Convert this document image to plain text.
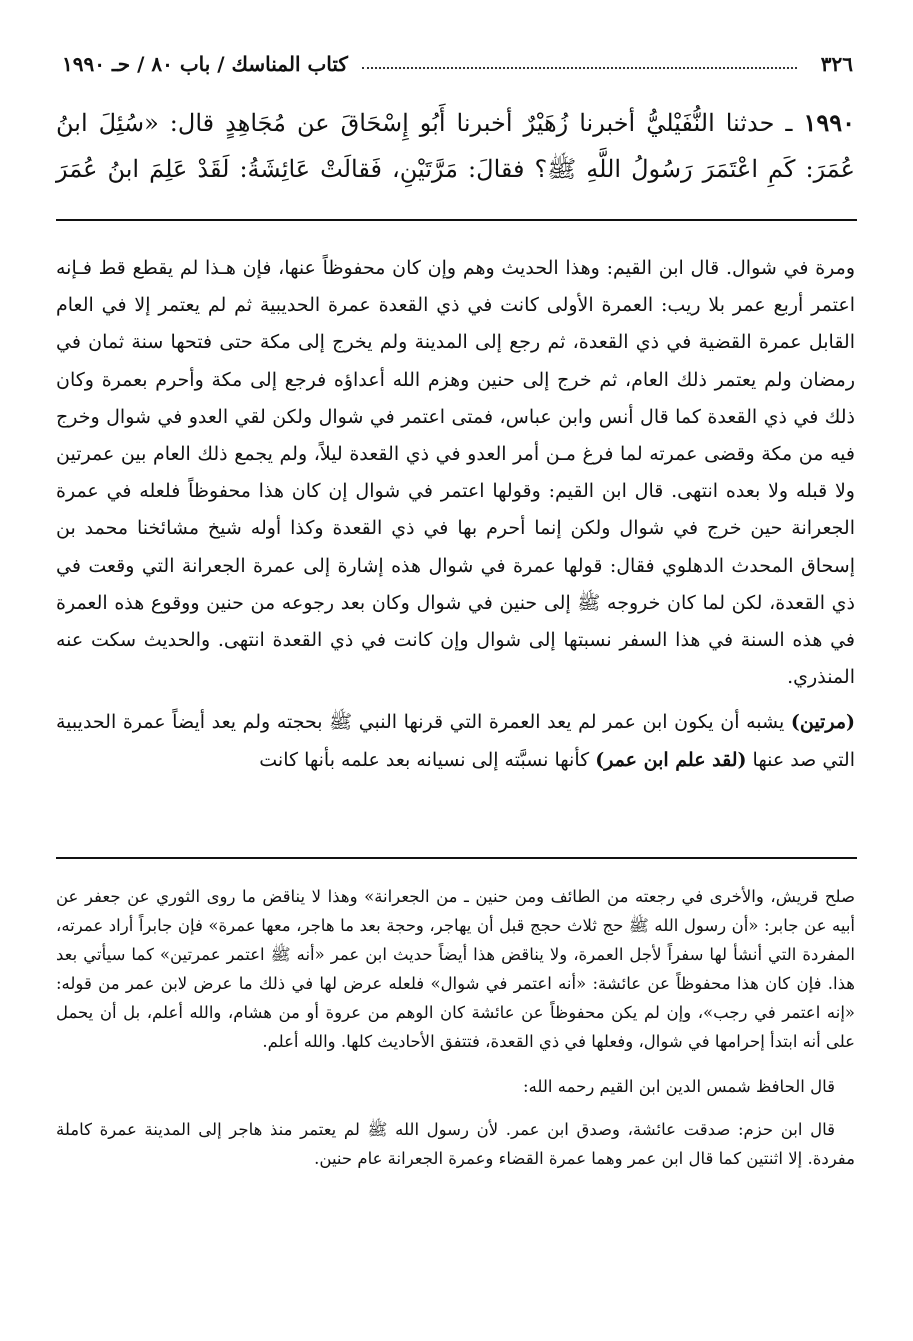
٣٢٦
كتاب المناسك / باب ٨٠ / حـ ١٩٩٠
١٩٩٠ ـ حدثنا النُّفَيْليُّ أخبرنا زُهَيْرٌ أخبرنا أَبُو إِسْحَاقَ عن مُجَاهِدٍ قال: «سُئِلَ ابنُ عُمَرَ: كَمِ اعْتَمَرَ رَسُولُ اللَّهِ ﷺ؟ فقالَ: مَرَّتَيْنِ، فَقالَتْ عَائِشَةُ: لَقَدْ عَلِمَ ابنُ عُمَرَ

ومرة في شوال. قال ابن القيم: وهذا الحديث وهم وإن كان محفوظاً عنها، فإن هـذا لم يقطع قط فـإنه اعتمر أربع عمر بلا ريب: العمرة الأولى كانت في ذي القعدة عمرة الحديبية ثم لم يعتمر إلا في العام القابل عمرة القضية في ذي القعدة، ثم رجع إلى المدينة ولم يخرج إلى مكة حتى فتحها سنة ثمان في رمضان ولم يعتمر ذلك العام، ثم خرج إلى حنين وهزم الله أعداؤه فرجع إلى مكة وأحرم بعمرة وكان ذلك في ذي القعدة كما قال أنس وابن عباس، فمتى اعتمر في شوال ولكن لقي العدو في شوال وخرج فيه من مكة وقضى عمرته لما فرغ مـن أمر العدو في ذي القعدة ليلاً، ولم يجمع ذلك العام بين عمرتين ولا قبله ولا بعده انتهى. قال ابن القيم: وقولها اعتمر في شوال إن كان هذا محفوظاً فلعله في عمرة الجعرانة حين خرج في شوال ولكن إنما أحرم بها في ذي القعدة وكذا أوله شيخ مشائخنا محمد بن إسحاق المحدث الدهلوي فقال: قولها عمرة في شوال هذه إشارة إلى عمرة الجعرانة التي وقعت في ذي القعدة، لكن لما كان خروجه ﷺ إلى حنين في شوال وكان بعد رجوعه من حنين ووقوع هذه العمرة في هذه السنة في هذا السفر نسبتها إلى شوال وإن كانت في ذي القعدة انتهى. والحديث سكت عنه المنذري.

(مرتين) يشبه أن يكون ابن عمر لم يعد العمرة التي قرنها النبي ﷺ بحجته ولم يعد أيضاً عمرة الحديبية التي صد عنها (لقد علم ابن عمر) كأنها نسبَّته إلى نسيانه بعد علمه بأنها كانت

صلح قريش، والأخرى في رجعته من الطائف ومن حنين ـ من الجعرانة» وهذا لا يناقض ما روى الثوري عن جعفر عن أبيه عن جابر: «أن رسول الله ﷺ حج ثلاث حجج قبل أن يهاجر، وحجة بعد ما هاجر، معها عمرة» فإن جابراً أراد عمرته، المفردة التي أنشأ لها سفراً لأجل العمرة، ولا يناقض هذا أيضاً حديث ابن عمر «أنه ﷺ اعتمر عمرتين» كما سيأتي بعد هذا. فإن كان هذا محفوظاً عن عائشة: «أنه اعتمر في شوال» فلعله عرض لها في ذلك ما عرض لابن عمر من قوله: «إنه اعتمر في رجب»، وإن لم يكن محفوظاً عن عائشة كان الوهم من عروة أو من هشام، والله أعلم، بل أن يحمل على أنه ابتدأ إحرامها في شوال، وفعلها في ذي القعدة، فتتفق الأحاديث كلها. والله أعلم.

قال الحافظ شمس الدين ابن القيم رحمه الله:

قال ابن حزم: صدقت عائشة، وصدق ابن عمر. لأن رسول الله ﷺ لم يعتمر منذ هاجر إلى المدينة عمرة كاملة مفردة. إلا اثنتين كما قال ابن عمر وهما عمرة القضاء وعمرة الجعرانة عام حنين.
